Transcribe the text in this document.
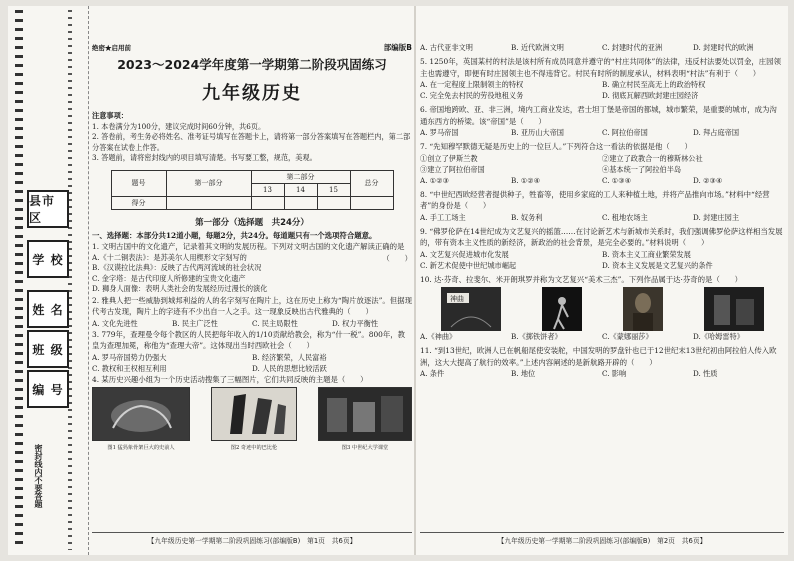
县市区
学 校
姓 名
班 级
编 号
密封线内不要答题
绝密★启用前	部编版B
2023～2024学年度第一学期第二阶段巩固练习
九年级历史
注意事项：
1. 本卷满分为100分，建议完成时间60分钟，共6页。
2. 答卷前，考生务必将姓名、准考证号填写在答题卡上，请将第一部分答案填写在答题栏内，第二部分答案在试卷上作答。
3. 答题前，请将密封线内的项目填写清楚。书写要工整，规范，美观。
题号	第一部分	第二部分			总分
		13	14	15	
得分					
第一部分（选择题　共24分）

一、选择题：本部分共12道小题，每题2分，共24分。每道题只有一个选项符合题意。

1. 文明古国中的文化遗产，记录着其文明的发展历程。下列对文明古国的文化遗产解读正确的是
（　　）

A.《十二铜表法》：是苏美尔人用楔形文字刻写的
B.《汉谟拉比法典》：反映了古代两河流域的社会状况
C. 金字塔：是古代印度人所修建的宝贵文化遗产
D. 狮身人面像：表明人类社会的发展经历过漫长的演化

2. 雅典人把一些威胁到城邦利益的人的名字刻写在陶片上，这在历史上称为“陶片放逐法”。但据现代考古发现，陶片上的字迹有不少出自一人之手。这一现象反映出古代雅典的（　　）

A. 文化先进性	B. 民主广泛性	C. 民主局限性	D. 权力平衡性

3. 779年，查理曼令每个教区的人民把每年收入的1/10贡献给教会，称为“什一税”。800年，教皇为查理加冕，称他为“查理大帝”。这体现出当时西欧社会（　　）

A. 罗马帝国势力仍强大	B. 经济繁荣，人民富裕
C. 教权和王权相互利用	D. 人民的思想比较活跃

4. 某历史兴趣小组为一个历史活动搜集了三幅图片，它们共同反映的主题是（　　）

图1 猛犸象骨架巨大的史前人	图2 奇迹中的巴比伦	图3 中世纪大学课堂
【九年级历史第一学期第二阶段巩固练习(部编版B)　第1页　共6页】
A. 古代亚非文明	B. 近代欧洲文明	C. 封建时代的亚洲	D. 封建时代的欧洲

5. 1250年，英国某村的村法是该村所有成员同意并遵守的“村庄共同体”的法律，违反村法要处以罚金，庄园领主也需遵守，即便有时庄园领主也不得违背它。村民有时所的制度承认，材料表明“村法”有利于（　　）

A. 在一定程度上限制领主的特权	B. 确立村民至高无上的政治特权
C. 完全免去村民的劳役地租义务	D. 彻底瓦解西欧封建庄园经济

6. 帝国地跨欧、亚、非三洲，境内工商业发达，君士坦丁堡是帝国的都城，城市繁荣，是重要的城市，成为沟通东西方的桥梁。该“帝国”是（　　）

A. 罗马帝国	B. 亚历山大帝国	C. 阿拉伯帝国	D. 拜占庭帝国

7. “先知穆罕默德无疑是历史上的一位巨人。”下列符合这一看法的依据是他（　　）

①创立了伊斯兰教	②建立了政教合一的穆斯林公社
③建立了阿拉伯帝国	④基本统一了阿拉伯半岛
A. ①②③	B. ①②④	C. ①③④	D. ②③④

8. “中世纪西欧经营者提供种子，牲畜等，使用乡家庭的工人来种植土地，并将产品推向市场。”材料中“经营者”的身份是（　　）

A. 手工工场主	B. 奴务利	C. 租地农场主	D. 封建庄园主

9. “佛罗伦萨在14世纪成为文艺复兴的摇篮……在讨论新艺术与新城市关系时，我们强调佛罗伦萨这样相当发展的，带有资本主义性质的新经济，新政治的社会背景，是完全必要的。”材料说明（　　）

A. 文艺复兴促进城市化发展	B. 资本主义工商业繁荣发展
C. 新艺术促使中世纪城市崛起	D. 资本主义发展是文艺复兴的条件

10. 达·芬奇、拉斐尔、米开朗琪罗并称为文艺复兴“美术三杰”。下列作品属于达·芬奇的是（　　）

神曲
A.《神曲》	B.《掷铁饼者》	C.《蒙娜丽莎》	D.《哈姆雷特》

11. “到13世纪，欧洲人已在帆船尾使安装舵，中国发明的罗盘针也已于12世纪末13世纪初由阿拉伯人传入欧洲，这大大提高了航行的效率。”上述内容阐述的是新航路开辟的（　　）

A. 条件	B. 地位	C. 影响	D. 性质
【九年级历史第一学期第二阶段巩固练习(部编版B)　第2页　共6页】
